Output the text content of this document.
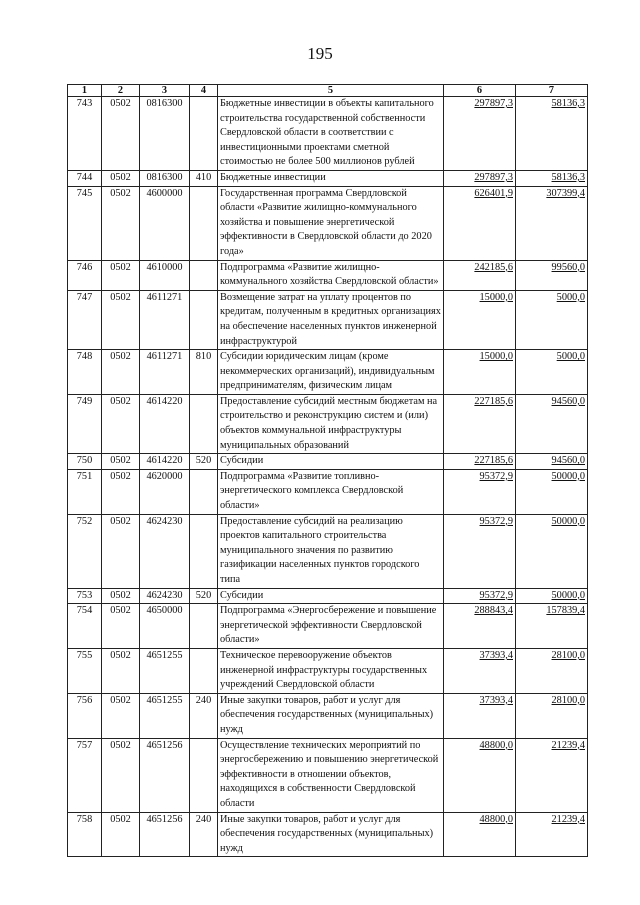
195
1	2	3	4	5	6	7
743	0502	0816300		Бюджетные инвестиции в объекты капитального строительства государственной собственности Свердловской области в соответствии с инвестиционными проектами сметной стоимостью не более 500 миллионов рублей	297897,3	58136,3
744	0502	0816300	410	Бюджетные инвестиции	297897,3	58136,3
745	0502	4600000		Государственная программа Свердловской области «Развитие жилищно-коммунального хозяйства и повышение энергетической эффективности в Свердловской области до 2020 года»	626401,9	307399,4
746	0502	4610000		Подпрограмма «Развитие жилищно-коммунального хозяйства Свердловской области»	242185,6	99560,0
747	0502	4611271		Возмещение затрат на уплату процентов по кредитам, полученным в кредитных организациях на обеспечение населенных пунктов инженерной инфраструктурой	15000,0	5000,0
748	0502	4611271	810	Субсидии юридическим лицам (кроме некоммерческих организаций), индивидуальным предпринимателям, физическим лицам	15000,0	5000,0
749	0502	4614220		Предоставление субсидий местным бюджетам на строительство и реконструкцию систем и (или) объектов коммунальной инфраструктуры муниципальных образований	227185,6	94560,0
750	0502	4614220	520	Субсидии	227185,6	94560,0
751	0502	4620000		Подпрограмма «Развитие топливно-энергетического комплекса Свердловской области»	95372,9	50000,0
752	0502	4624230		Предоставление субсидий на реализацию проектов капитального строительства муниципального значения по развитию газификации населенных пунктов городского типа	95372,9	50000,0
753	0502	4624230	520	Субсидии	95372,9	50000,0
754	0502	4650000		Подпрограмма «Энергосбережение и повышение энергетической эффективности Свердловской области»	288843,4	157839,4
755	0502	4651255		Техническое перевооружение объектов инженерной инфраструктуры государственных учреждений Свердловской области	37393,4	28100,0
756	0502	4651255	240	Иные закупки товаров, работ и услуг для обеспечения государственных (муниципальных) нужд	37393,4	28100,0
757	0502	4651256		Осуществление технических мероприятий по энергосбережению и повышению энергетической эффективности в отношении объектов, находящихся в собственности Свердловской области	48800,0	21239,4
758	0502	4651256	240	Иные закупки товаров, работ и услуг для обеспечения государственных (муниципальных) нужд	48800,0	21239,4
